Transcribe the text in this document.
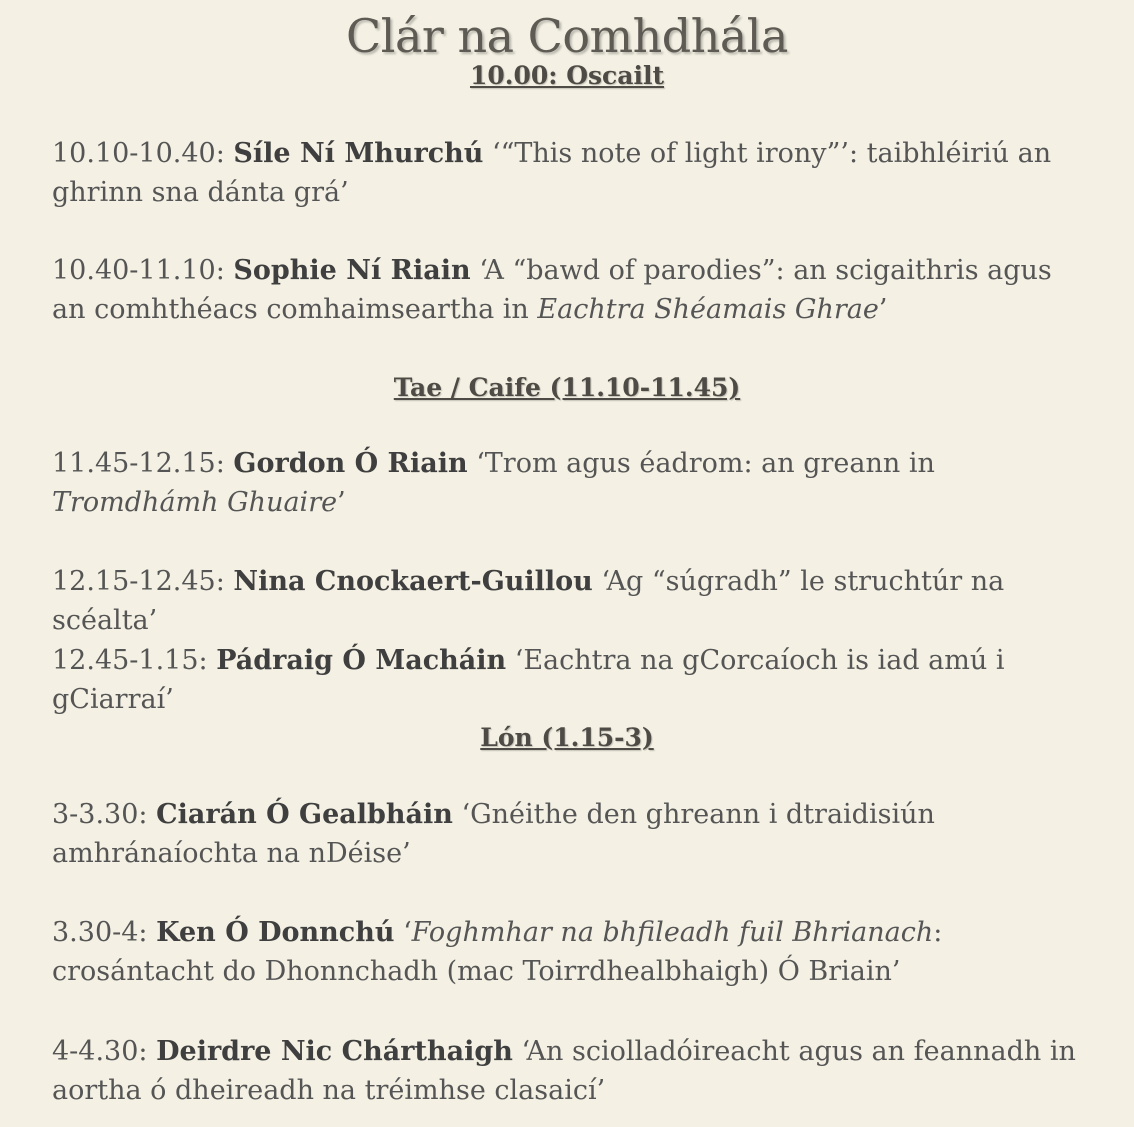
Clár na Comhdhála
10.00: Oscailt
10.10-10.40: Síle Ní Mhurchú ‘“This note of light irony”’: taibhléiriú an ghrinn sna dánta grá’
10.40-11.10: Sophie Ní Riain ‘A “bawd of parodies”: an scigaithris agus an comhthéacs comhaimseartha in Eachtra Shéamais Ghrae’
Tae / Caife (11.10-11.45)
11.45-12.15: Gordon Ó Riain ‘Trom agus éadrom: an greann in Tromdhámh Ghuaire’
12.15-12.45: Nina Cnockaert-Guillou ‘Ag “súgradh” le struchtúr na scéalta’
12.45-1.15: Pádraig Ó Macháin ‘Eachtra na gCorcaíoch is iad amú i gCiarraí’
Lón (1.15-3)
3-3.30: Ciarán Ó Gealbháin ‘Gnéithe den ghreann i dtraidisiún amhránaíochta na nDéise’
3.30-4: Ken Ó Donnchú ‘Foghmhar na bhfileadh fuil Bhrianach: crosántacht do Dhonnchadh (mac Toirrdhealbhaigh) Ó Briain’
4-4.30: Deirdre Nic Chárthaigh ‘An sciolladóireacht agus an feannadh in aortha ó dheireadh na tréimhse clasaicí’
